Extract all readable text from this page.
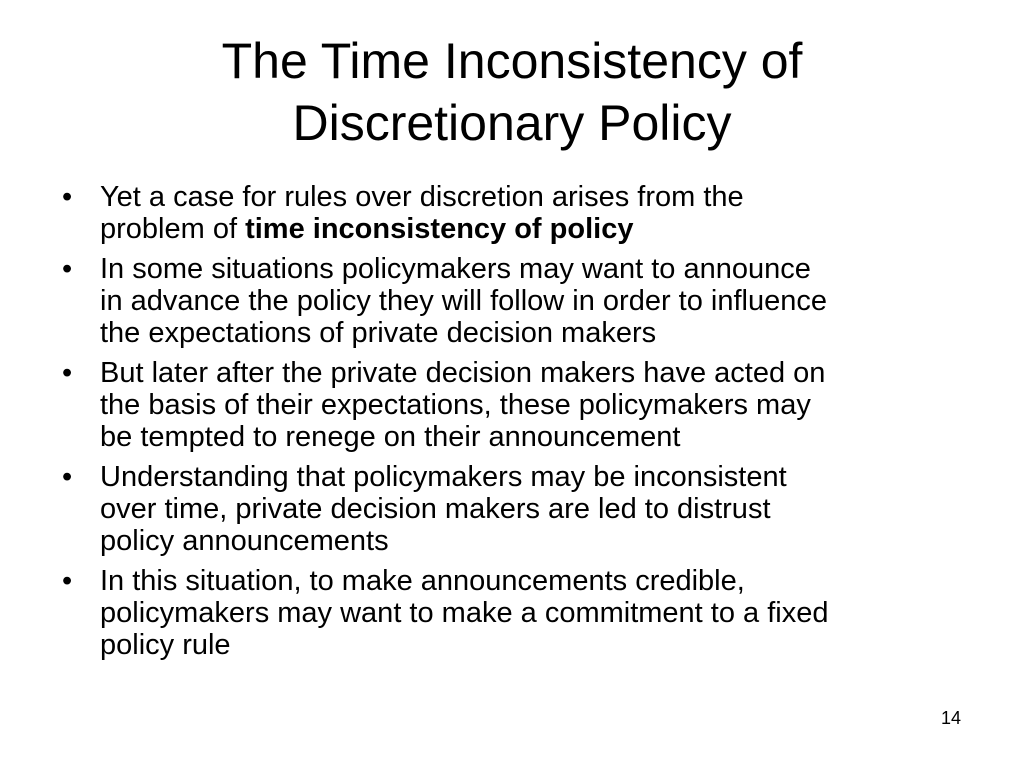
The Time Inconsistency of
Discretionary Policy
• Yet a case for rules over discretion arises from the
problem of time inconsistency of policy
• In some situations policymakers may want to announce
in advance the policy they will follow in order to influence
the expectations of private decision makers
• But later after the private decision makers have acted on
the basis of their expectations, these policymakers may
be tempted to renege on their announcement
• Understanding that policymakers may be inconsistent
over time, private decision makers are led to distrust
policy announcements
• In this situation, to make announcements credible,
policymakers may want to make a commitment to a fixed
policy rule
14
